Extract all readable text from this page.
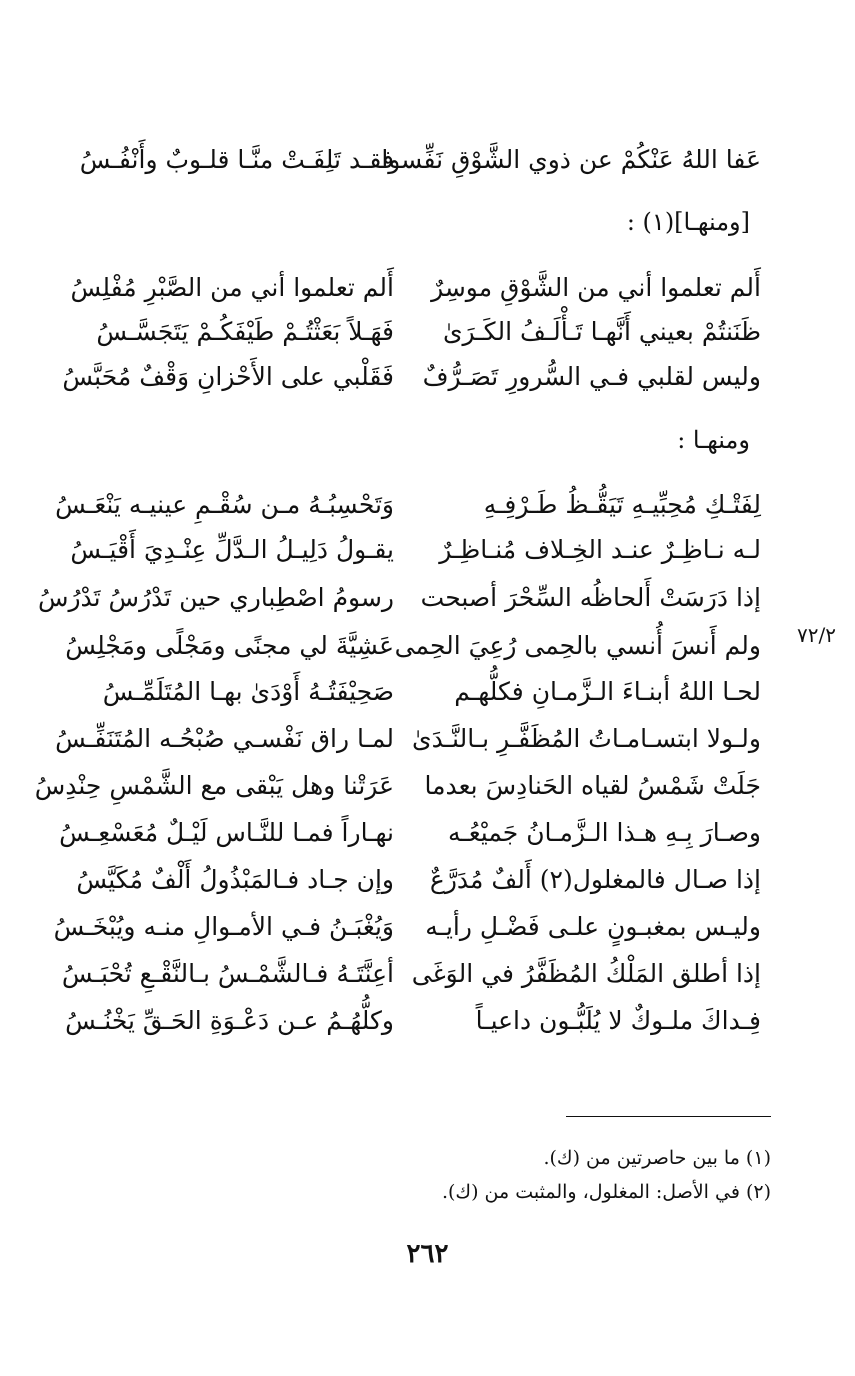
عَفا اللهُ عَنْكُمْ عن ذوي الشَّوْقِ نَفِّسوا
فقـد تَلِفَـتْ منَّـا قلـوبٌ وأَنْفُـسُ
[ومنهـا](١) :
أَلم تعلموا أني من الشَّوْقِ موسِرٌ
أَلم تعلموا أني من الصَّبْرِ مُفْلِسُ
ظَنَنتُمْ بعيني أَنَّهـا تَـأْلَـفُ الكَـرَىٰ
فَهَـلاً بَعَثْتُـمْ طَيْفَكُـمْ يَتَجَسَّـسُ
وليس لقلبي فـي السُّرورِ تَصَـرُّفٌ
فَقَلْبي على الأَحْزانِ وَقْفٌ مُحَبَّسُ
ومنهـا :
لِفَتْـكِ مُحِبِّيـهِ تَيَقُّـظُ طَـرْفِـهِ
وَتَحْسِبُـهُ مـن سُقْـمِ عينيـه يَنْعَـسُ
لـه نـاظِـرٌ عنـد الخِـلاف مُنـاظِـرٌ
يقـولُ دَلِيـلُ الـدَّلِّ عِنْـدِيَ أَقْيَـسُ
إذا دَرَسَتْ أَلحاظُه السِّحْرَ أصبحت
رسومُ اصْطِباري حين تَدْرُسُ تَدْرُسُ
ولم أَنسَ أُنسي بالحِمى رُعِيَ الحِمى
عَشِيَّةَ لي مجنًى ومَجْلًى ومَجْلِسُ
لحـا اللهُ أبنـاءَ الـزَّمـانِ فكلُّهـم
صَحِيْفَتُـهُ أَوْدَىٰ بهـا المُتَلَمِّـسُ
ولـولا ابتسـامـاتُ المُظَفَّـرِ بـالنَّـدَىٰ
لمـا راق نَفْسـي صُبْحُـه المُتَنَفِّـسُ
جَلَتْ شَمْسُ لقياه الحَنادِسَ بعدما
عَرَتْنا وهل يَبْقى مع الشَّمْسِ حِنْدِسُ
وصـارَ بِـهِ هـذا الـزَّمـانُ جَميْعُـه
نهـاراً فمـا للنَّـاس لَيْـلٌ مُعَسْعِـسُ
إذا صـال فالمغلول(٢) أَلفٌ مُدَرَّعٌ
وإن جـاد فـالمَبْذُولُ أَلْفٌ مُكَيَّسُ
وليـس بمغبـونٍ علـى فَضْـلِ رأيـه
وَيُغْبَـنُ فـي الأمـوالِ منـه ويُبْخَـسُ
إذا أطلق المَلْكُ المُظَفَّرُ في الوَغَى
أعِنَّتَـهُ فـالشَّمْـسُ بـالنَّقْـعِ تُحْبَـسُ
فِـداكَ ملـوكٌ لا يُلَبُّـون داعيـاً
وكلُّهُـمُ عـن دَعْـوَةِ الحَـقِّ يَخْنُـسُ
٧٢/٢
(١) ما بين حاصرتين من (ك).
(٢) في الأصل: المغلول، والمثبت من (ك).
٢٦٢
